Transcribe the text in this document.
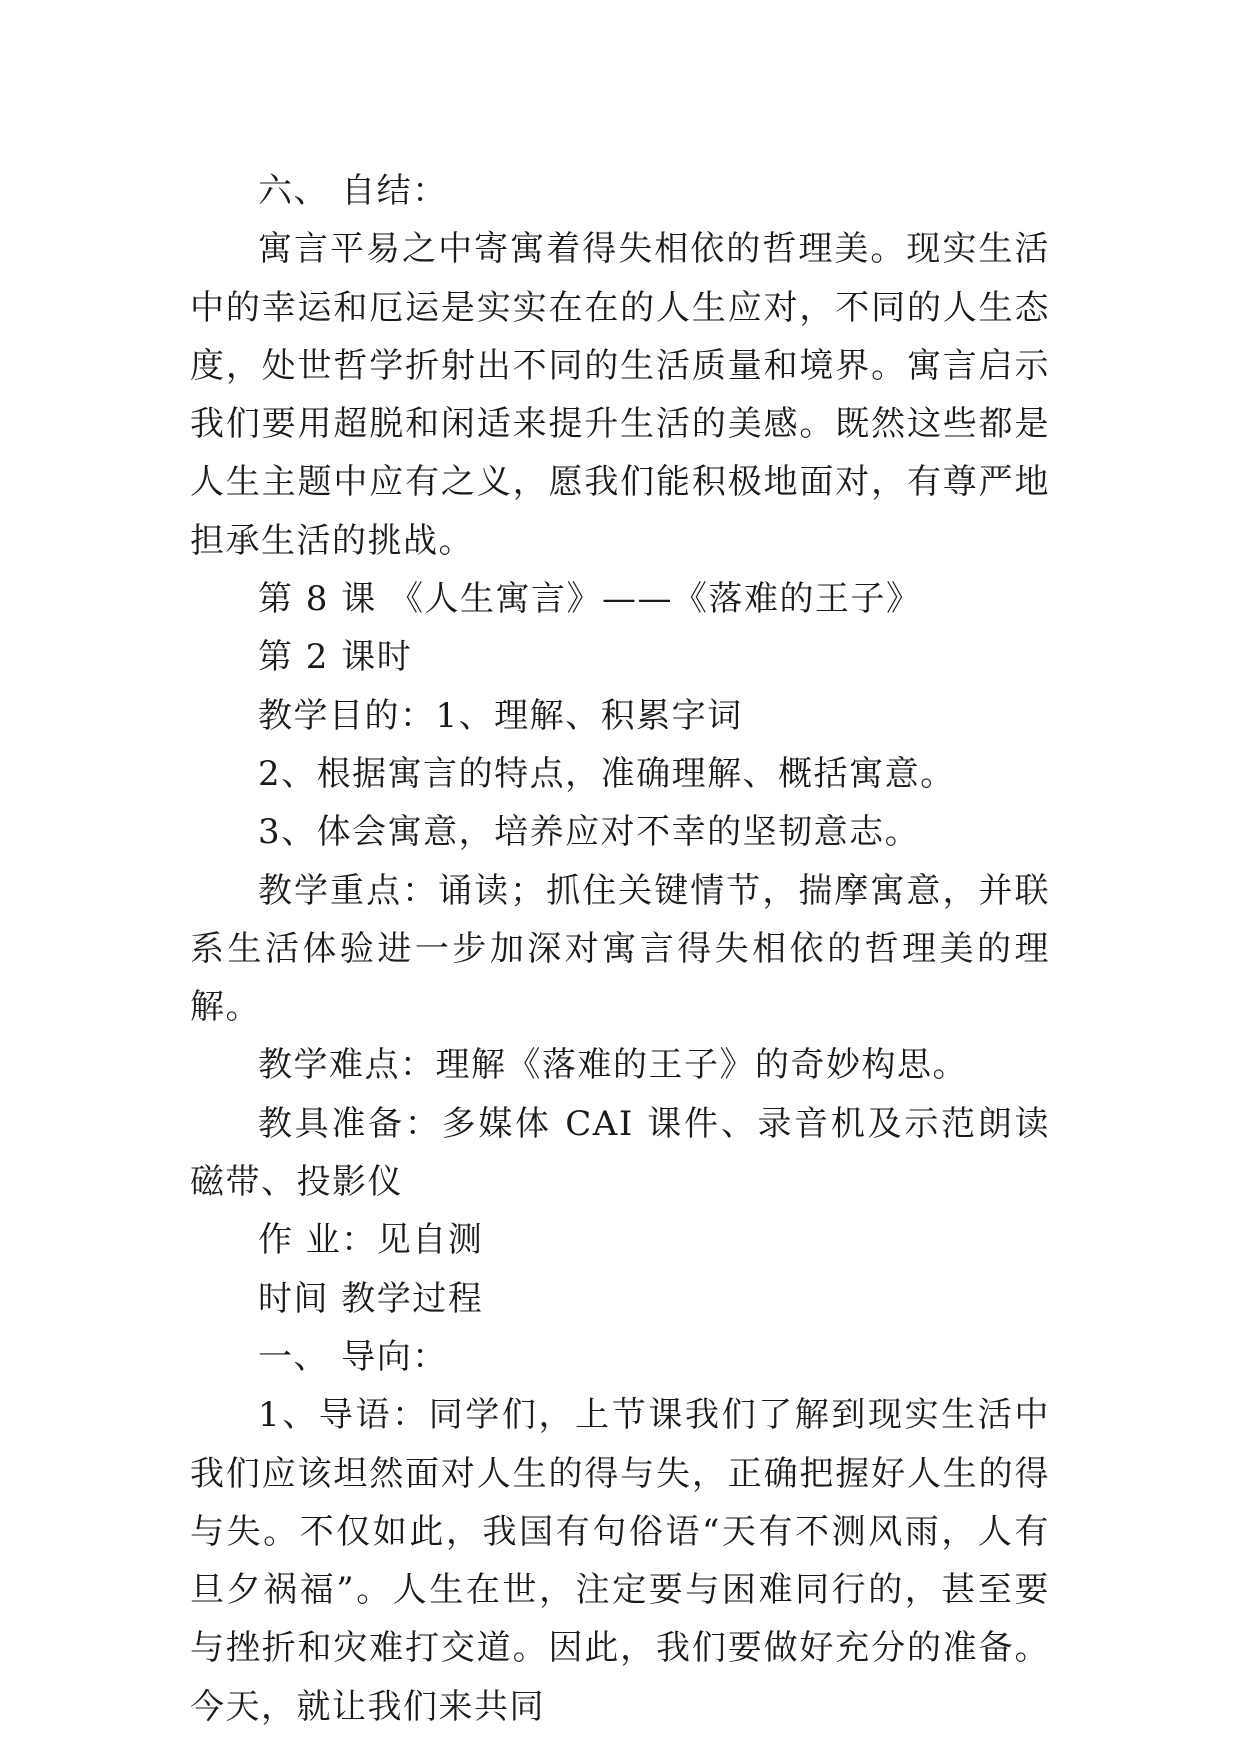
六、 自结：

寓言平易之中寄寓着得失相依的哲理美。现实生活中的幸运和厄运是实实在在的人生应对，不同的人生态度，处世哲学折射出不同的生活质量和境界。寓言启示我们要用超脱和闲适来提升生活的美感。既然这些都是人生主题中应有之义，愿我们能积极地面对，有尊严地担承生活的挑战。

第 8 课 《人生寓言》——《落难的王子》

第 2 课时

教学目的：1、理解、积累字词

2、根据寓言的特点，准确理解、概括寓意。

3、体会寓意，培养应对不幸的坚韧意志。

教学重点：诵读；抓住关键情节，揣摩寓意，并联系生活体验进一步加深对寓言得失相依的哲理美的理解。

教学难点：理解《落难的王子》的奇妙构思。

教具准备：多媒体 CAI 课件、录音机及示范朗读磁带、投影仪

作 业：见自测

时间 教学过程

一、 导向：

1、导语：同学们，上节课我们了解到现实生活中我们应该坦然面对人生的得与失，正确把握好人生的得与失。不仅如此，我国有句俗语“天有不测风雨，人有旦夕祸福”。人生在世，注定要与困难同行的，甚至要与挫折和灾难打交道。因此，我们要做好充分的准备。今天，就让我们来共同
